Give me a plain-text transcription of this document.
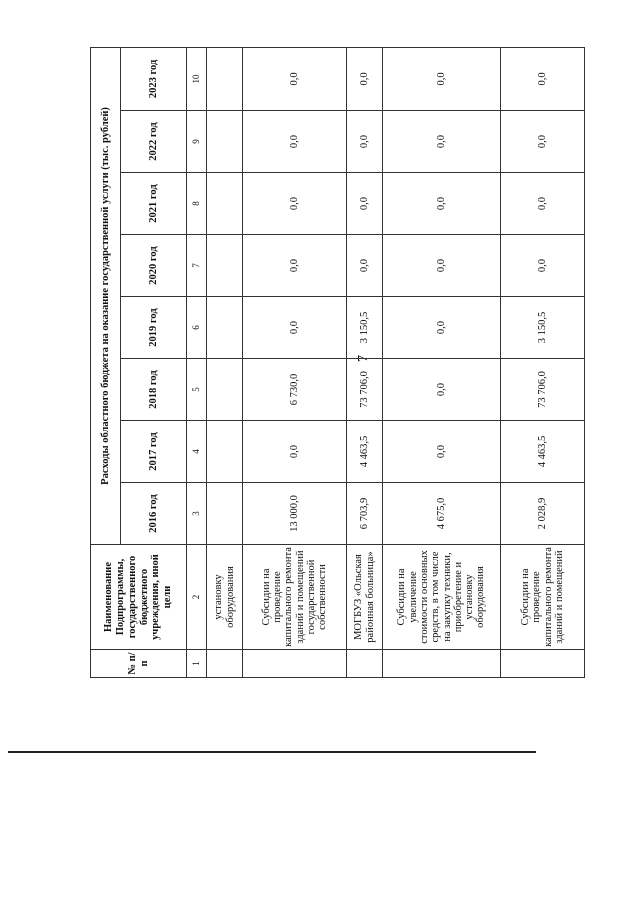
7
№ п/п	Наименование Подпрограммы, государственного бюджетного учреждения, иной цели	Расходы областного бюджета на оказание государственной услуги (тыс. рублей)							
		2016 год	2017 год	2018 год	2019 год	2020 год	2021 год	2022 год	2023 год
1	2	3	4	5	6	7	8	9	10
	установку оборудования								
	Субсидии на проведение капитального ремонта зданий и помещений государственной собственности	13 000,0	0,0	6 730,0	0,0	0,0	0,0	0,0	0,0
	МОГБУЗ «Ольская районная больница»	6 703,9	4 463,5	73 706,0	3 150,5	0,0	0,0	0,0	0,0
	Субсидии на увеличение стоимости основных средств, в том числе на закупку техники, приобретение и установку оборудования	4 675,0	0,0	0,0	0,0	0,0	0,0	0,0	0,0
	Субсидии на проведение капитального ремонта зданий и помещений	2 028,9	4 463,5	73 706,0	3 150,5	0,0	0,0	0,0	0,0
